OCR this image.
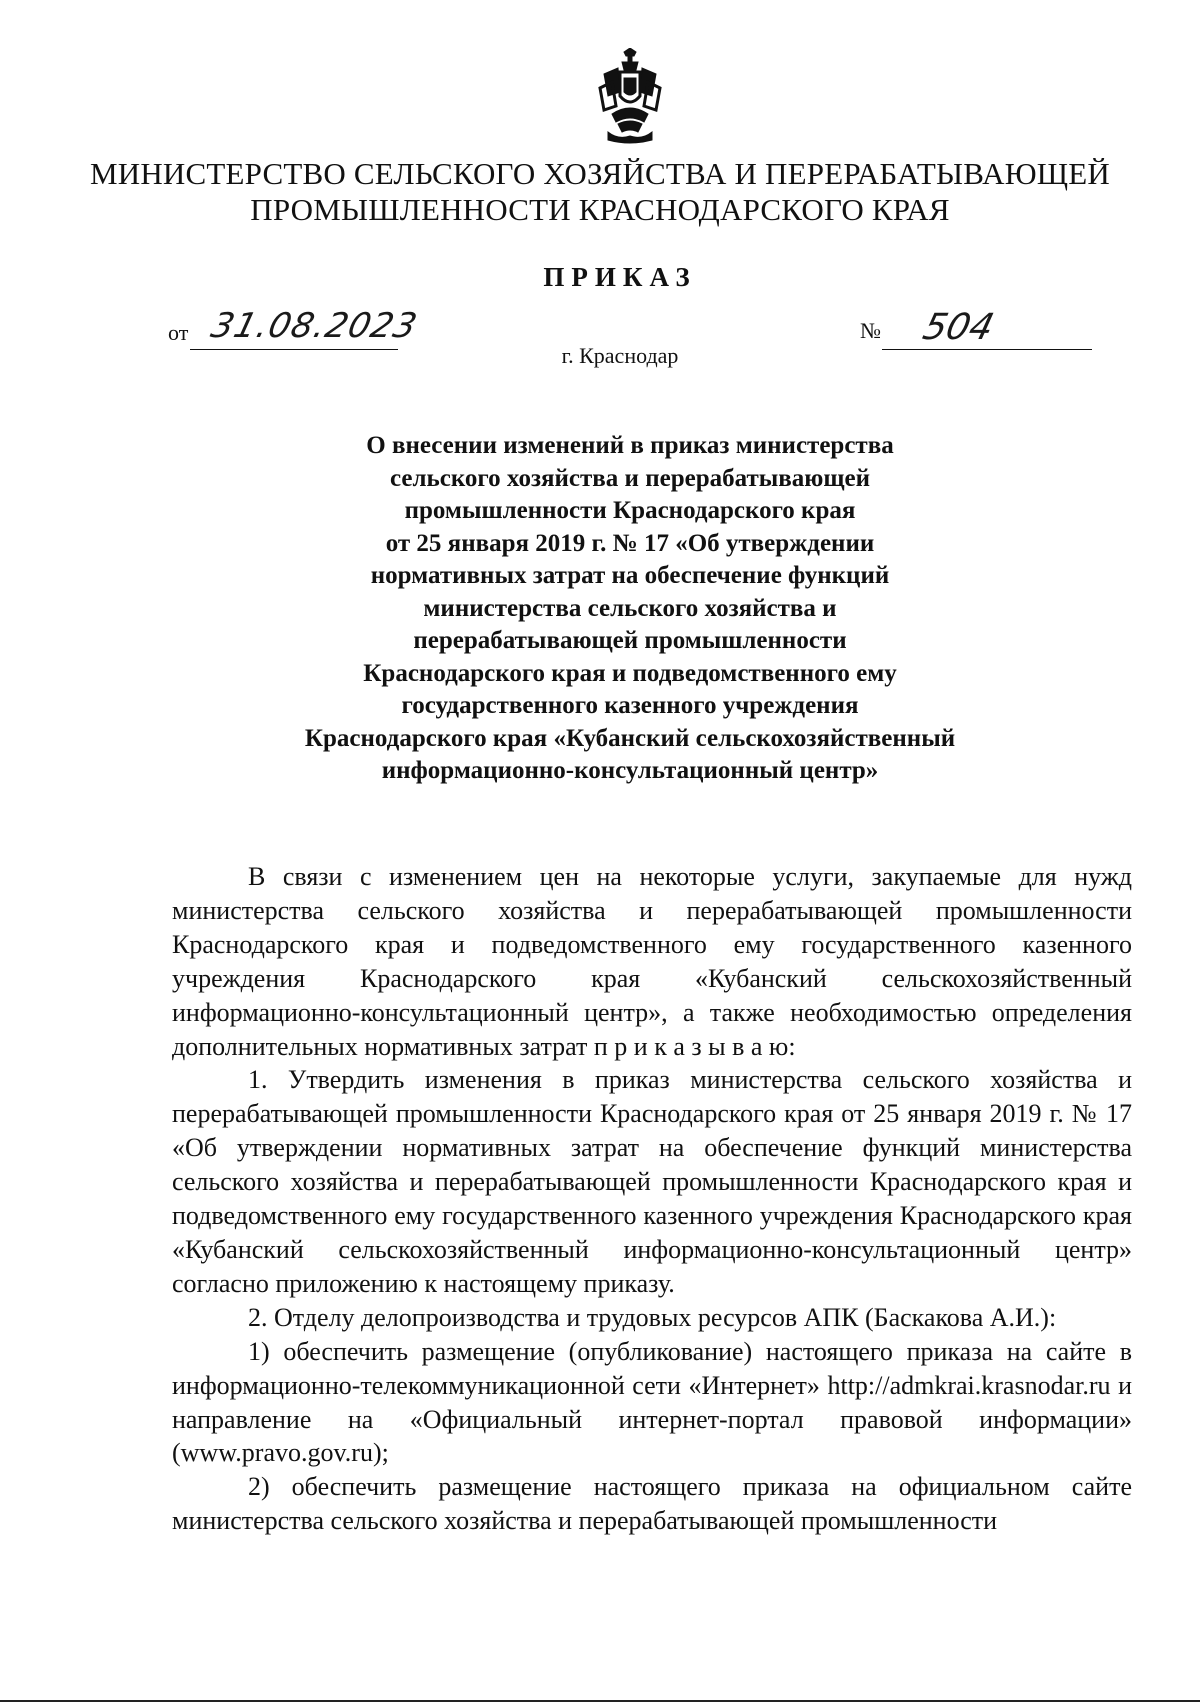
МИНИСТЕРСТВО СЕЛЬСКОГО ХОЗЯЙСТВА И ПЕРЕРАБАТЫВАЮЩЕЙ
ПРОМЫШЛЕННОСТИ КРАСНОДАРСКОГО КРАЯ
ПРИКАЗ
от 31.08.2023	№ 504
г. Краснодар
О внесении изменений в приказ министерства
сельского хозяйства и перерабатывающей
промышленности Краснодарского края
от 25 января 2019 г. № 17 «Об утверждении
нормативных затрат на обеспечение функций
министерства сельского хозяйства и
перерабатывающей промышленности
Краснодарского края и подведомственного ему
государственного казенного учреждения
Краснодарского края «Кубанский сельскохозяйственный
информационно-консультационный центр»

В связи с изменением цен на некоторые услуги, закупаемые для нужд министерства сельского хозяйства и перерабатывающей промышленности Краснодарского края и подведомственного ему государственного казенного учреждения Краснодарского края «Кубанский сельскохозяйственный информационно-консультационный центр», а также необходимостью определения дополнительных нормативных затрат п р и к а з ы в а ю:

1. Утвердить изменения в приказ министерства сельского хозяйства и перерабатывающей промышленности Краснодарского края от 25 января 2019 г. № 17 «Об утверждении нормативных затрат на обеспечение функций министерства сельского хозяйства и перерабатывающей промышленности Краснодарского края и подведомственного ему государственного казенного учреждения Краснодарского края «Кубанский сельскохозяйственный информационно-консультационный центр» согласно приложению к настоящему приказу.

2. Отделу делопроизводства и трудовых ресурсов АПК (Баскакова А.И.):

1) обеспечить размещение (опубликование) настоящего приказа на сайте в информационно-телекоммуникационной сети «Интернет» http://admkrai.krasnodar.ru и направление на «Официальный интернет-портал правовой информации» (www.pravo.gov.ru);

2) обеспечить размещение настоящего приказа на официальном сайте министерства сельского хозяйства и перерабатывающей промышленности
